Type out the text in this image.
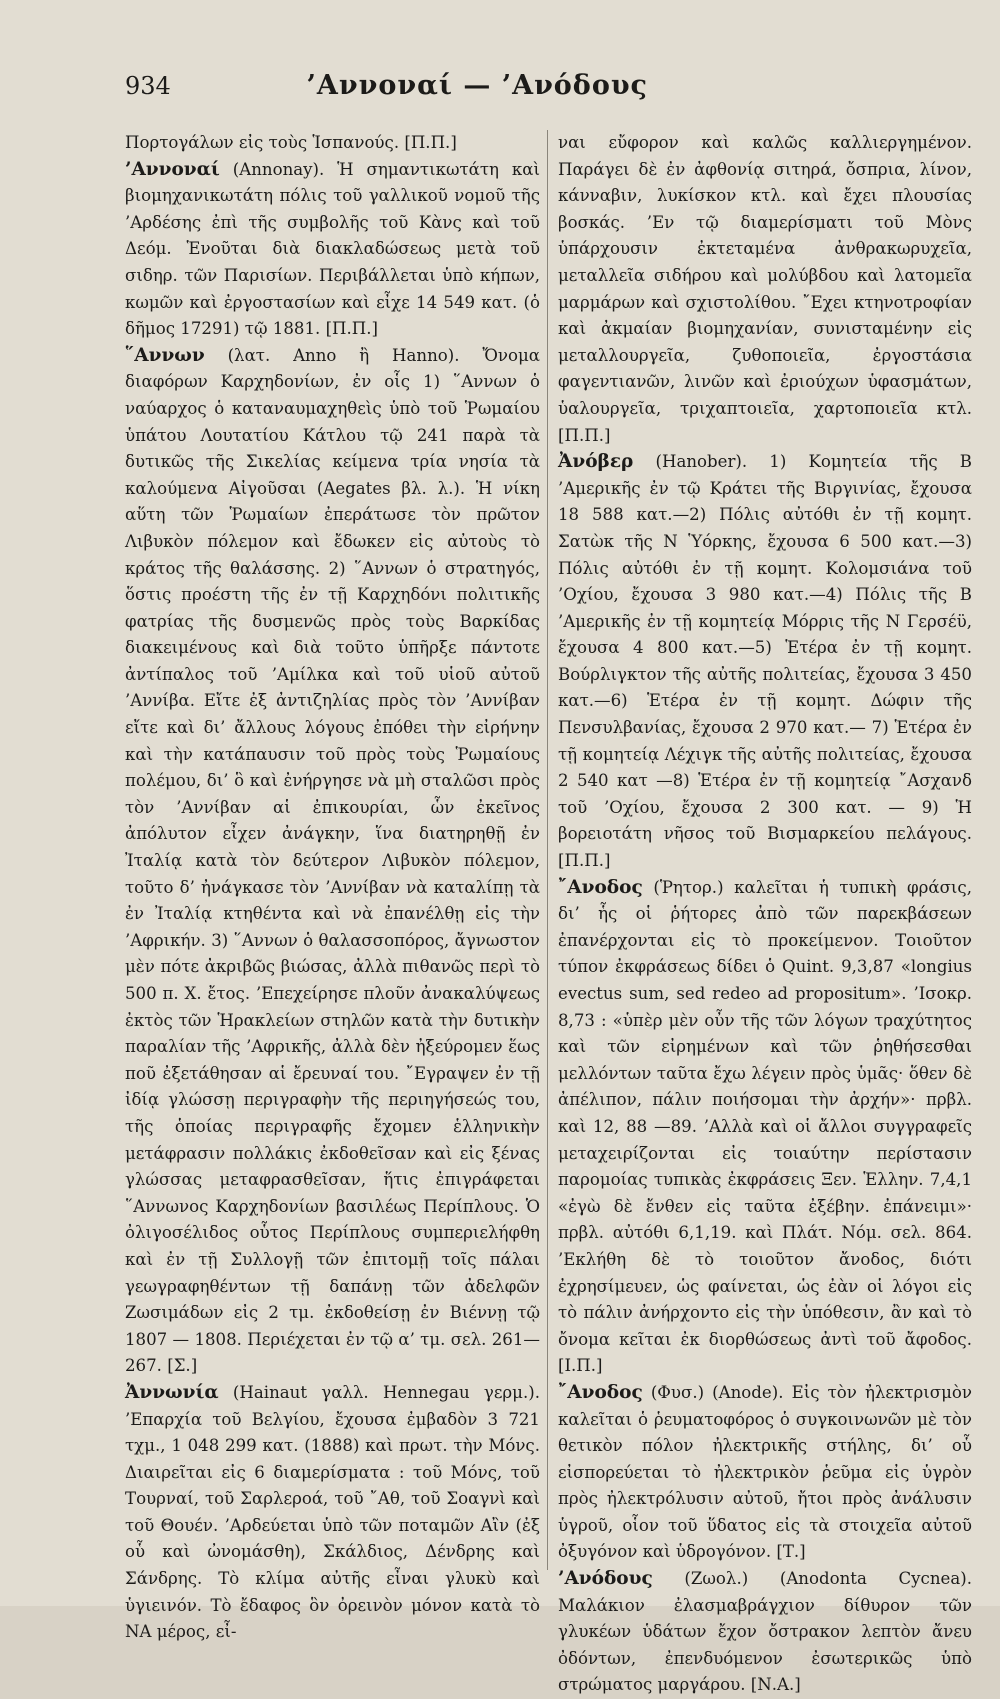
934	’Αννοναί — ’Ανόδους

Πορτογάλων εἰς τοὺς Ἱσπανούς. [Π.Π.]

’Αννοναί (Annonay). Ἡ σημαντικωτάτη καὶ βιομηχανικωτάτη πόλις τοῦ γαλλικοῦ νομοῦ τῆς ’Αρδέσης ἐπὶ τῆς συμβολῆς τοῦ Κὰνς καὶ τοῦ Δεόμ. Ἑνοῦται διὰ διακλαδώσεως μετὰ τοῦ σιδηρ. τῶν Παρισίων. Περιβάλλεται ὑπὸ κήπων, κωμῶν καὶ ἐργοστασίων καὶ εἶχε 14 549 κατ. (ὁ δῆμος 17291) τῷ 1881. [Π.Π.]

῞Αννων (λατ. Anno ἢ Hanno). Ὄνομα διαφόρων Καρχηδονίων, ἐν οἷς 1) ῞Αννων ὁ ναύαρχος ὁ καταναυμαχηθεὶς ὑπὸ τοῦ Ῥωμαίου ὑπάτου Λουτατίου Κάτλου τῷ 241 παρὰ τὰ δυτικῶς τῆς Σικελίας κείμενα τρία νησία τὰ καλούμενα Αἰγοῦσαι (Aegates βλ. λ.). Ἡ νίκη αὕτη τῶν Ῥωμαίων ἐπεράτωσε τὸν πρῶτον Λιβυκὸν πόλεμον καὶ ἔδωκεν εἰς αὐτοὺς τὸ κράτος τῆς θαλάσσης. 2) ῞Αννων ὁ στρατηγός, ὅστις προέστη τῆς ἐν τῇ Καρχηδόνι πολιτικῆς φατρίας τῆς δυσμενῶς πρὸς τοὺς Βαρκίδας διακειμένους καὶ διὰ τοῦτο ὑπῆρξε πάντοτε ἀντίπαλος τοῦ ’Αμίλκα καὶ τοῦ υἱοῦ αὐτοῦ ’Αννίβα. Εἴτε ἐξ ἀντιζηλίας πρὸς τὸν ’Αννίβαν εἴτε καὶ δι’ ἄλλους λόγους ἐπόθει τὴν εἰρήνην καὶ τὴν κατάπαυσιν τοῦ πρὸς τοὺς Ῥωμαίους πολέμου, δι’ ὃ καὶ ἐνήργησε νὰ μὴ σταλῶσι πρὸς τὸν ’Αννίβαν αἱ ἐπικουρίαι, ὧν ἐκεῖνος ἀπόλυτον εἶχεν ἀνάγκην, ἵνα διατηρηθῇ ἐν Ἰταλίᾳ κατὰ τὸν δεύτερον Λιβυκὸν πόλεμον, τοῦτο δ’ ἠνάγκασε τὸν ’Αννίβαν νὰ καταλίπῃ τὰ ἐν Ἰταλίᾳ κτηθέντα καὶ νὰ ἐπανέλθῃ εἰς τὴν ’Αφρικήν. 3) ῞Αννων ὁ θαλασσοπόρος, ἄγνωστον μὲν πότε ἀκριβῶς βιώσας, ἀλλὰ πιθανῶς περὶ τὸ 500 π. Χ. ἔτος. ’Επεχείρησε πλοῦν ἀνακαλύψεως ἐκτὸς τῶν Ἡρακλείων στηλῶν κατὰ τὴν δυτικὴν παραλίαν τῆς ’Αφρικῆς, ἀλλὰ δὲν ἠξεύρομεν ἕως ποῦ ἐξετάθησαν αἱ ἔρευναί του. ῎Εγραψεν ἐν τῇ ἰδίᾳ γλώσσῃ περιγραφὴν τῆς περιηγήσεώς του, τῆς ὁποίας περιγραφῆς ἔχομεν ἑλληνικὴν μετάφρασιν πολλάκις ἐκδοθεῖσαν καὶ εἰς ξένας γλώσσας μεταφρασθεῖσαν, ἥτις ἐπιγράφεται ῞Αννωνος Καρχηδονίων βασιλέως Περίπλους. Ὁ ὀλιγοσέλιδος οὗτος Περίπλους συμπεριελήφθη καὶ ἐν τῇ Συλλογῇ τῶν ἐπιτομῇ τοῖς πάλαι γεωγραφηθέντων τῇ δαπάνῃ τῶν ἀδελφῶν Ζωσιμάδων εἰς 2 τμ. ἐκδοθείσῃ ἐν Βιέννῃ τῷ 1807 — 1808. Περιέχεται ἐν τῷ α’ τμ. σελ. 261—267. [Σ.]

Ἀννωνία (Hainaut γαλλ. Hennegau γερμ.). ’Επαρχία τοῦ Βελγίου, ἔχουσα ἐμβαδὸν 3 721 τχμ., 1 048 299 κατ. (1888) καὶ πρωτ. τὴν Μόνς. Διαιρεῖται εἰς 6 διαμερίσματα : τοῦ Μόνς, τοῦ Τουρναί, τοῦ Σαρλεροά, τοῦ ῎Αθ, τοῦ Σοαγνὶ καὶ τοῦ Θουέν. ’Αρδεύεται ὑπὸ τῶν ποταμῶν Αἲν (ἐξ οὗ καὶ ὠνομάσθη), Σκάλδιος, Δένδρης καὶ Σάνδρης. Τὸ κλίμα αὐτῆς εἶναι γλυκὺ καὶ ὑγιεινόν. Τὸ ἔδαφος ὃν ὀρεινὸν μόνον κατὰ τὸ ΝΑ μέρος, εἶ-

ναι εὔφορον καὶ καλῶς καλλιεργημένον. Παράγει δὲ ἐν ἀφθονίᾳ σιτηρά, ὄσπρια, λίνον, κάνναβιν, λυκίσκον κτλ. καὶ ἔχει πλουσίας βοσκάς. ’Εν τῷ διαμερίσματι τοῦ Μὸνς ὑπάρχουσιν ἐκτεταμένα ἀνθρακωρυχεῖα, μεταλλεῖα σιδήρου καὶ μολύβδου καὶ λατομεῖα μαρμάρων καὶ σχιστολίθου. ῎Εχει κτηνοτροφίαν καὶ ἀκμαίαν βιομηχανίαν, συνισταμένην εἰς μεταλλουργεῖα, ζυθοποιεῖα, ἐργοστάσια φαγεντιανῶν, λινῶν καὶ ἐριούχων ὑφασμάτων, ὑαλουργεῖα, τριχαπτοιεῖα, χαρτοποιεῖα κτλ. [Π.Π.]

Ἀνόβερ (Hanober). 1) Κομητεία τῆς Β ’Αμερικῆς ἐν τῷ Κράτει τῆς Βιργινίας, ἔχουσα 18 588 κατ.—2) Πόλις αὐτόθι ἐν τῇ κομητ. Σατὼκ τῆς Ν Ὑόρκης, ἔχουσα 6 500 κατ.—3) Πόλις αὐτόθι ἐν τῇ κομητ. Κολομσιάνα τοῦ ’Οχίου, ἔχουσα 3 980 κατ.—4) Πόλις τῆς Β ’Αμερικῆς ἐν τῇ κομητείᾳ Μόρρις τῆς Ν Γερσέϋ, ἔχουσα 4 800 κατ.—5) Ἑτέρα ἐν τῇ κομητ. Βούρλιγκτον τῆς αὐτῆς πολιτείας, ἔχουσα 3 450 κατ.—6) Ἑτέρα ἐν τῇ κομητ. Δώφιν τῆς Πενσυλβανίας, ἔχουσα 2 970 κατ.— 7) Ἑτέρα ἐν τῇ κομητείᾳ Λέχιγκ τῆς αὐτῆς πολιτείας, ἔχουσα 2 540 κατ —8) Ἑτέρα ἐν τῇ κομητείᾳ ῎Ασχανδ τοῦ ’Οχίου, ἔχουσα 2 300 κατ. — 9) Ἡ βορειοτάτη νῆσος τοῦ Βισμαρκείου πελάγους. [Π.Π.]

῎Ανοδος (Ῥητορ.) καλεῖται ἡ τυπικὴ φράσις, δι’ ἧς οἱ ῥήτορες ἀπὸ τῶν παρεκβάσεων ἐπανέρχονται εἰς τὸ προκείμενον. Τοιοῦτον τύπον ἐκφράσεως δίδει ὁ Quint. 9,3,87 «longius evectus sum, sed redeo ad propositum». ’Ισοκρ. 8,73 : «ὑπὲρ μὲν οὖν τῆς τῶν λόγων τραχύτητος καὶ τῶν εἰρημένων καὶ τῶν ῥηθήσεσθαι μελλόντων ταῦτα ἔχω λέγειν πρὸς ὑμᾶς· ὅθεν δὲ ἀπέλιπον, πάλιν ποιήσομαι τὴν ἀρχήν»· πρβλ. καὶ 12, 88 —89. ’Αλλὰ καὶ οἱ ἄλλοι συγγραφεῖς μεταχειρίζονται εἰς τοιαύτην περίστασιν παρομοίας τυπικὰς ἐκφράσεις Ξεν. Ἑλλην. 7,4,1 «ἐγὼ δὲ ἔνθεν εἰς ταῦτα ἐξέβην. ἐπάνειμι»· πρβλ. αὐτόθι 6,1,19. καὶ Πλάτ. Νόμ. σελ. 864. ’Εκλήθη δὲ τὸ τοιοῦτον ἄνοδος, διότι ἐχρησίμευεν, ὡς φαίνεται, ὡς ἐὰν οἱ λόγοι εἰς τὸ πάλιν ἀνήρχοντο εἰς τὴν ὑπόθεσιν, ἂν καὶ τὸ ὄνομα κεῖται ἐκ διορθώσεως ἀντὶ τοῦ ἄφοδος. [Ι.Π.]

῎Ανοδος (Φυσ.) (Anode). Εἰς τὸν ἠλεκτρισμὸν καλεῖται ὁ ῥευματοφόρος ὁ συγκοινωνῶν μὲ τὸν θετικὸν πόλον ἠλεκτρικῆς στήλης, δι’ οὗ εἰσπορεύεται τὸ ἠλεκτρικὸν ῥεῦμα εἰς ὑγρὸν πρὸς ἠλεκτρόλυσιν αὐτοῦ, ἤτοι πρὸς ἀνάλυσιν ὑγροῦ, οἷον τοῦ ὕδατος εἰς τὰ στοιχεῖα αὐτοῦ ὀξυγόνον καὶ ὑδρογόνον. [Τ.]

’Ανόδους (Ζωολ.) (Anodonta Cycnea). Μαλάκιον ἐλασμαβράγχιον δίθυρον τῶν γλυκέων ὑδάτων ἔχον ὄστρακον λεπτὸν ἄνευ ὀδόντων, ἐπενδυόμενον ἐσωτερικῶς ὑπὸ στρώματος μαργάρου. [Ν.Α.]
